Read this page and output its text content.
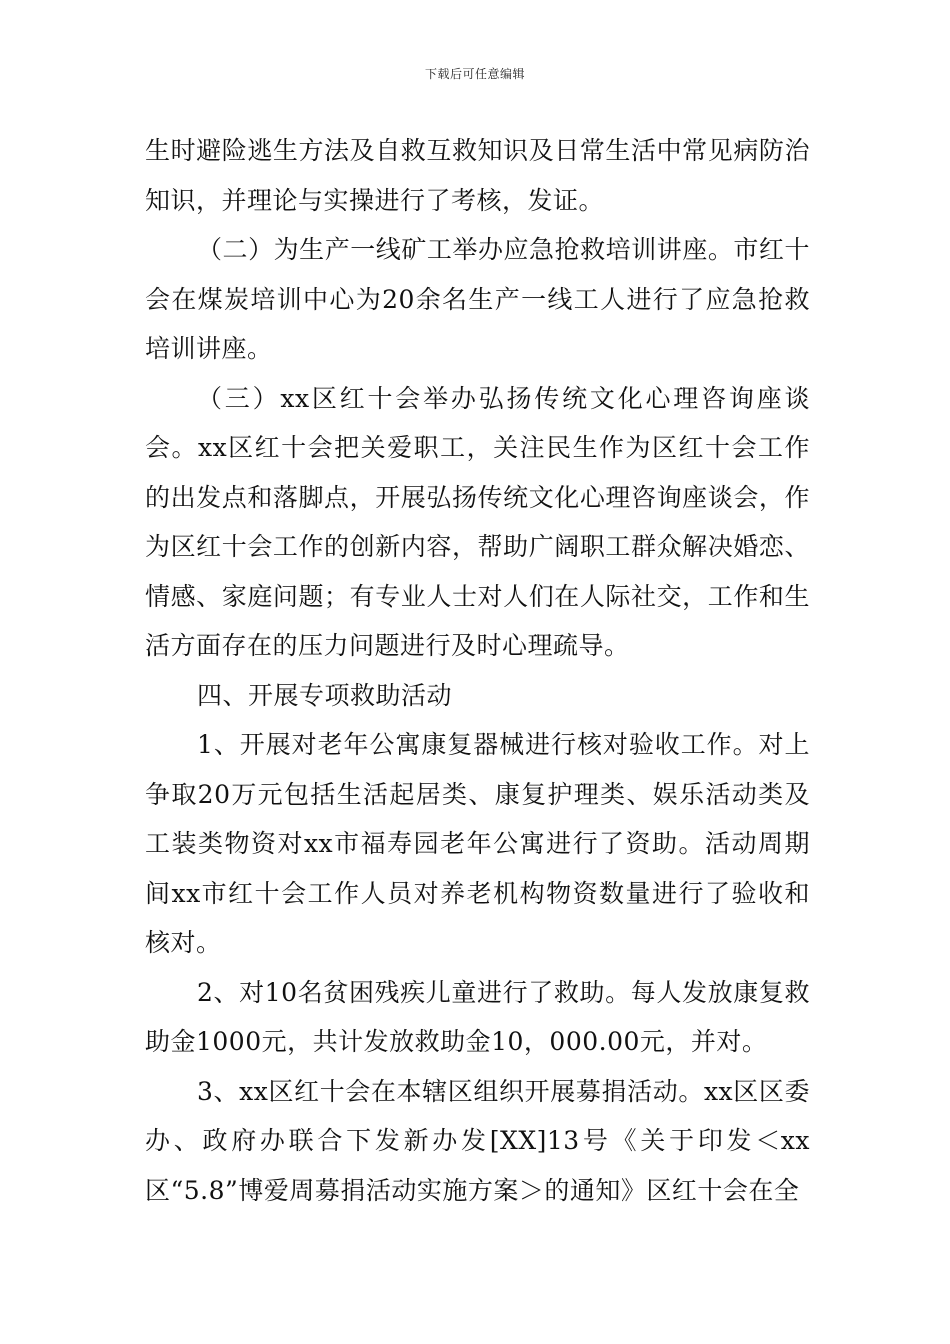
下载后可任意编辑

生时避险逃生方法及自救互救知识及日常生活中常见病防治知识，并理论与实操进行了考核，发证。

（二）为生产一线矿工举办应急抢救培训讲座。市红十会在煤炭培训中心为20余名生产一线工人进行了应急抢救培训讲座。

（三）xx区红十会举办弘扬传统文化心理咨询座谈会。xx区红十会把关爱职工，关注民生作为区红十会工作的出发点和落脚点，开展弘扬传统文化心理咨询座谈会，作为区红十会工作的创新内容，帮助广阔职工群众解决婚恋、情感、家庭问题；有专业人士对人们在人际社交，工作和生活方面存在的压力问题进行及时心理疏导。

四、开展专项救助活动

1、开展对老年公寓康复器械进行核对验收工作。对上争取20万元包括生活起居类、康复护理类、娱乐活动类及工装类物资对xx市福寿园老年公寓进行了资助。活动周期间xx市红十会工作人员对养老机构物资数量进行了验收和核对。

2、对10名贫困残疾儿童进行了救助。每人发放康复救助金1000元，共计发放救助金10，000.00元，并对。

3、xx区红十会在本辖区组织开展募捐活动。xx区区委办、政府办联合下发新办发[XX]13号《关于印发＜xx区“5.8”博爱周募捐活动实施方案＞的通知》区红十会在全
